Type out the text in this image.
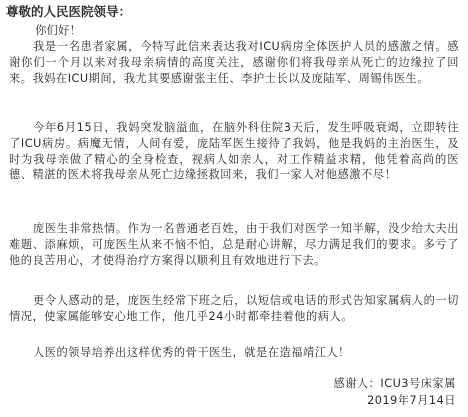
尊敬的人民医院领导：
你们好！

我是一名患者家属，今特写此信来表达我对ICU病房全体医护人员的感激之情。感谢你们一个月以来对我母亲病情的高度关注，感谢你们将我母亲从死亡的边缘拉了回来。我妈在ICU期间，我尤其要感谢张主任、李护士长以及庞陆军、周锡伟医生。

今年6月15日，我妈突发脑溢血，在脑外科住院3天后，发生呼吸衰竭，立即转往了ICU病房。病魔无情，人间有爱，庞陆军医生接待了我妈，他是我妈的主治医生，及时为我母亲做了精心的全身检查，视病人如亲人，对工作精益求精，他凭着高尚的医德、精湛的医术将我母亲从死亡边缘拯救回来，我们一家人对他感激不尽！

庞医生非常热情。作为一名普通老百姓，由于我们对医学一知半解，没少给大夫出难题、添麻烦，可庞医生从来不恼不怕，总是耐心讲解，尽力满足我们的要求。多亏了他的良苦用心，才使得治疗方案得以顺利且有效地进行下去。

更令人感动的是，庞医生经常下班之后，以短信或电话的形式告知家属病人的一切情况，使家属能够安心地工作，他几乎24小时都牵挂着他的病人。

人医的领导培养出这样优秀的骨干医生，就是在造福靖江人！

感谢人：ICU3号床家属
2019年7月14日
